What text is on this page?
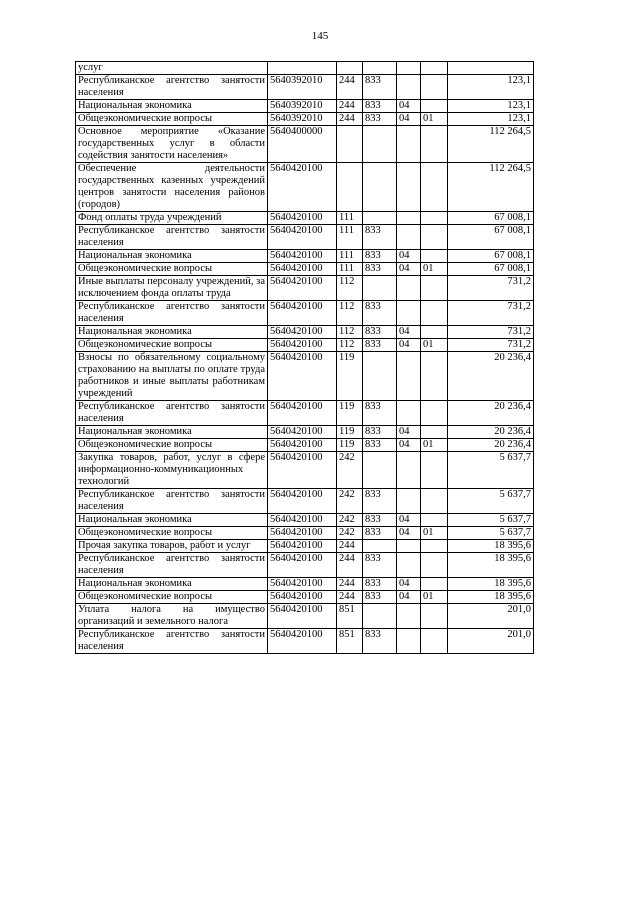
145
услуг						
Республиканское агентство занятости населения	5640392010	244	833			123,1
Национальная экономика	5640392010	244	833	04		123,1
Общеэкономические вопросы	5640392010	244	833	04	01	123,1
Основное мероприятие «Оказание государственных услуг в области содействия занятости населения»	5640400000					112 264,5
Обеспечение деятельности государственных казенных учреждений центров занятости населения районов (городов)	5640420100					112 264,5
Фонд оплаты труда учреждений	5640420100	111				67 008,1
Республиканское агентство занятости населения	5640420100	111	833			67 008,1
Национальная экономика	5640420100	111	833	04		67 008,1
Общеэкономические вопросы	5640420100	111	833	04	01	67 008,1
Иные выплаты персоналу учреждений, за исключением фонда оплаты труда	5640420100	112				731,2
Республиканское агентство занятости населения	5640420100	112	833			731,2
Национальная экономика	5640420100	112	833	04		731,2
Общеэкономические вопросы	5640420100	112	833	04	01	731,2
Взносы по обязательному социальному страхованию на выплаты по оплате труда работников и иные выплаты работникам учреждений	5640420100	119				20 236,4
Республиканское агентство занятости населения	5640420100	119	833			20 236,4
Национальная экономика	5640420100	119	833	04		20 236,4
Общеэкономические вопросы	5640420100	119	833	04	01	20 236,4
Закупка товаров, работ, услуг в сфере информационно-коммуникационных технологий	5640420100	242				5 637,7
Республиканское агентство занятости населения	5640420100	242	833			5 637,7
Национальная экономика	5640420100	242	833	04		5 637,7
Общеэкономические вопросы	5640420100	242	833	04	01	5 637,7
Прочая закупка товаров, работ и услуг	5640420100	244				18 395,6
Республиканское агентство занятости населения	5640420100	244	833			18 395,6
Национальная экономика	5640420100	244	833	04		18 395,6
Общеэкономические вопросы	5640420100	244	833	04	01	18 395,6
Уплата налога на имущество организаций и земельного налога	5640420100	851				201,0
Республиканское агентство занятости населения	5640420100	851	833			201,0
